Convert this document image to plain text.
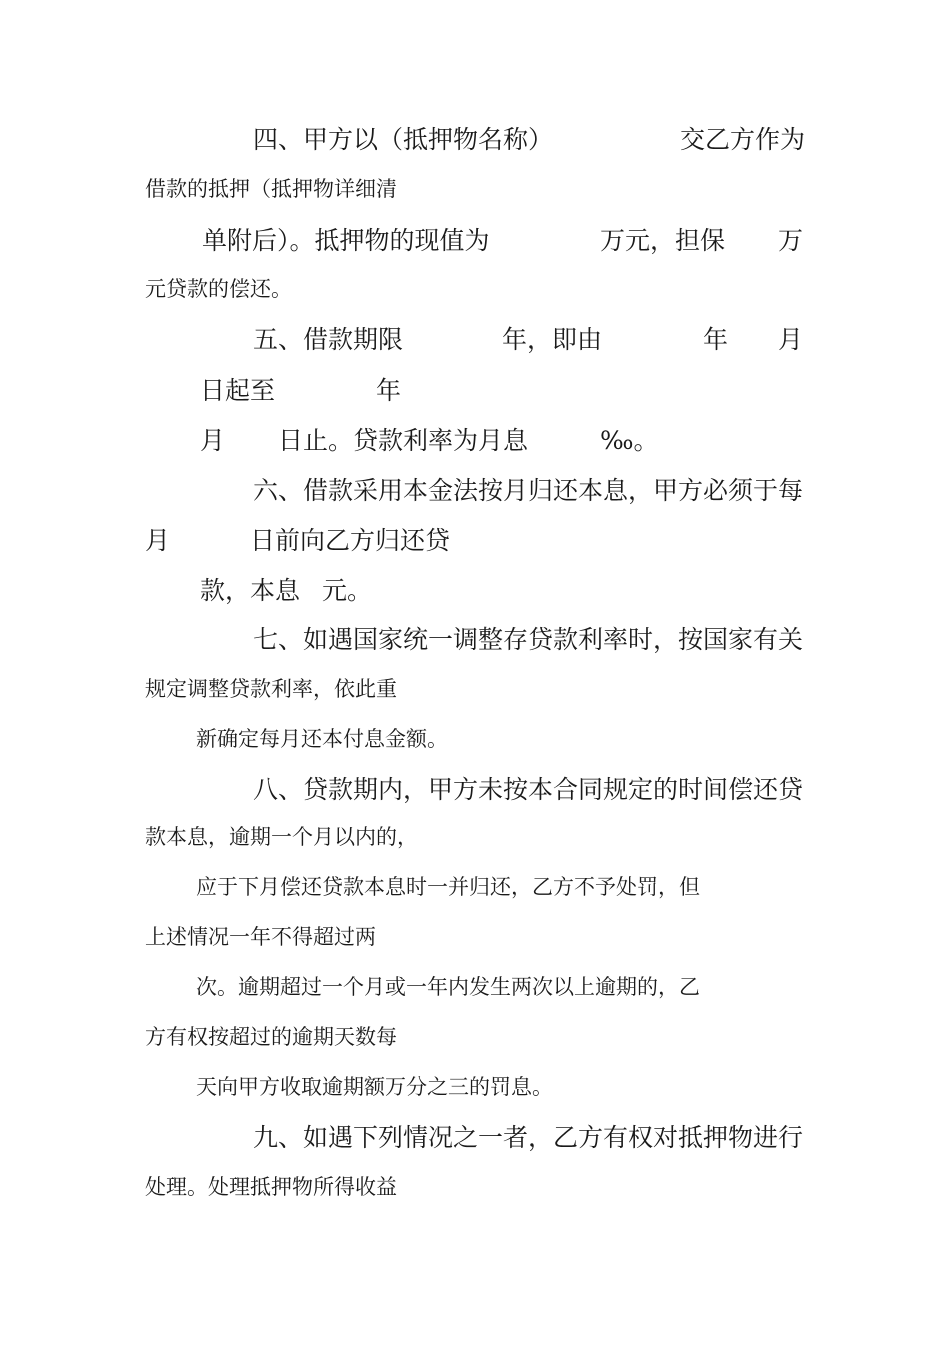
四、甲方以（抵押物名称）	交乙方作为
借款的抵押（抵押物详细清
单附后）。抵押物的现值为	万元，担保 万
元贷款的偿还。
五、借款期限	年，即由	年 月
日起至	年
月 日止。贷款利率为月息	‰。
六、借款采用本金法按月归还本息，甲方必须于每
月	日前向乙方归还贷
款，本息 元。
七、如遇国家统一调整存贷款利率时，按国家有关
规定调整贷款利率，依此重
新确定每月还本付息金额。
八、贷款期内，甲方未按本合同规定的时间偿还贷
款本息，逾期一个月以内的，
应于下月偿还贷款本息时一并归还，乙方不予处罚，但
上述情况一年不得超过两
次。逾期超过一个月或一年内发生两次以上逾期的，乙
方有权按超过的逾期天数每
天向甲方收取逾期额万分之三的罚息。
九、如遇下列情况之一者，乙方有权对抵押物进行
处理。处理抵押物所得收益
